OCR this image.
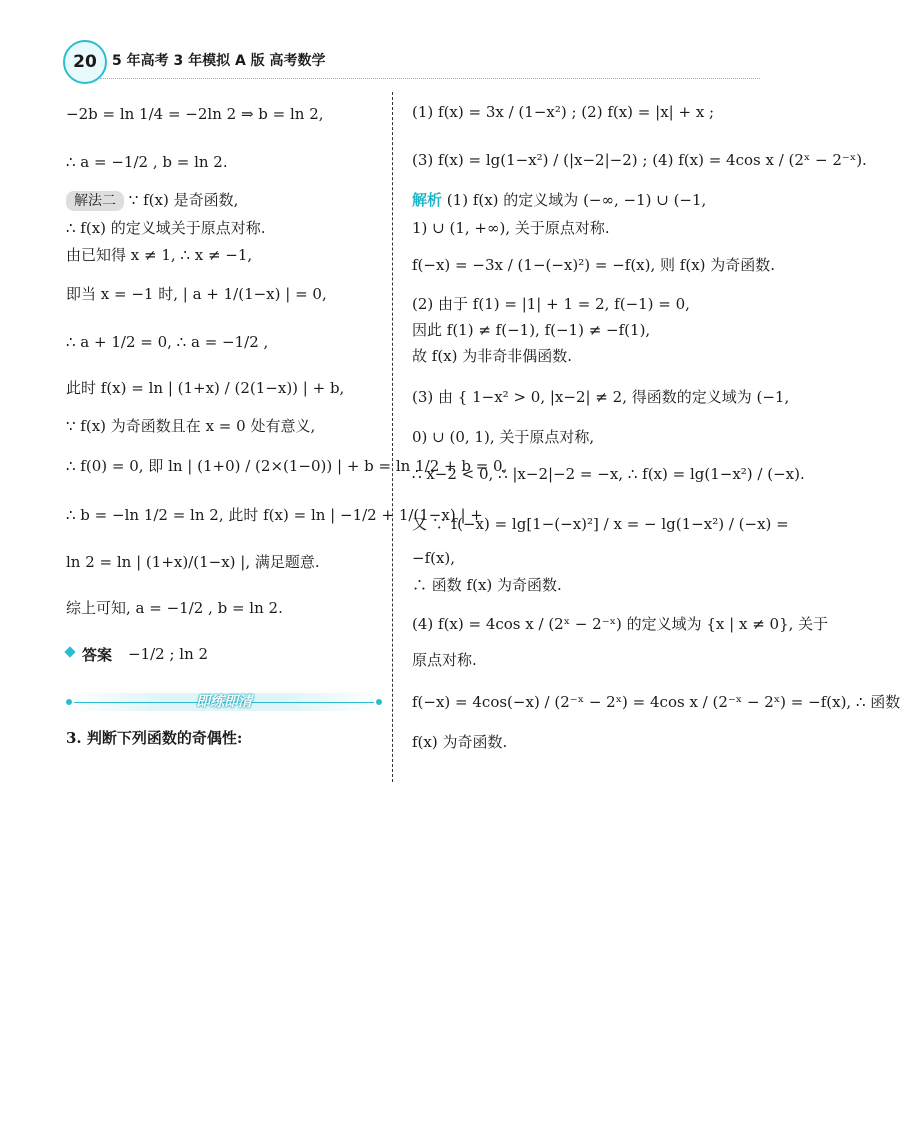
20	5 年高考 3 年模拟 A 版 高考数学
−2b = ln 1/4 = −2ln 2 ⇒ b = ln 2,
∴ a = −1/2 , b = ln 2.
解法二 ∵ f(x) 是奇函数,
∴ f(x) 的定义域关于原点对称.
由已知得 x ≠ 1, ∴ x ≠ −1,
即当 x = −1 时, | a + 1/(1−x) | = 0,
∴ a + 1/2 = 0, ∴ a = −1/2 ,
此时 f(x) = ln | (1+x) / (2(1−x)) | + b,
∵ f(x) 为奇函数且在 x = 0 处有意义,
∴ f(0) = 0, 即 ln | (1+0) / (2×(1−0)) | + b = ln 1/2 + b = 0,
∴ b = −ln 1/2 = ln 2, 此时 f(x) = ln | −1/2 + 1/(1−x) | +
ln 2 = ln | (1+x)/(1−x) |, 满足题意.
综上可知, a = −1/2 , b = ln 2.
答案 −1/2 ; ln 2
即练即清
3. 判断下列函数的奇偶性:
(1) f(x) = 3x / (1−x²) ; (2) f(x) = |x| + x ;
(3) f(x) = lg(1−x²) / (|x−2|−2) ; (4) f(x) = 4cos x / (2ˣ − 2⁻ˣ).
解析 (1) f(x) 的定义域为 (−∞, −1) ∪ (−1,
1) ∪ (1, +∞), 关于原点对称.
f(−x) = −3x / (1−(−x)²) = −f(x), 则 f(x) 为奇函数.
(2) 由于 f(1) = |1| + 1 = 2, f(−1) = 0,
因此 f(1) ≠ f(−1), f(−1) ≠ −f(1),
故 f(x) 为非奇非偶函数.
(3) 由 { 1−x² > 0, |x−2| ≠ 2, 得函数的定义域为 (−1,
0) ∪ (0, 1), 关于原点对称,
∴ x−2 < 0, ∴ |x−2|−2 = −x, ∴ f(x) = lg(1−x²) / (−x).
又 ∵ f(−x) = lg[1−(−x)²] / x = − lg(1−x²) / (−x) =
−f(x),
∴ 函数 f(x) 为奇函数.
(4) f(x) = 4cos x / (2ˣ − 2⁻ˣ) 的定义域为 {x | x ≠ 0}, 关于
原点对称.
f(−x) = 4cos(−x) / (2⁻ˣ − 2ˣ) = 4cos x / (2⁻ˣ − 2ˣ) = −f(x), ∴ 函数
f(x) 为奇函数.
